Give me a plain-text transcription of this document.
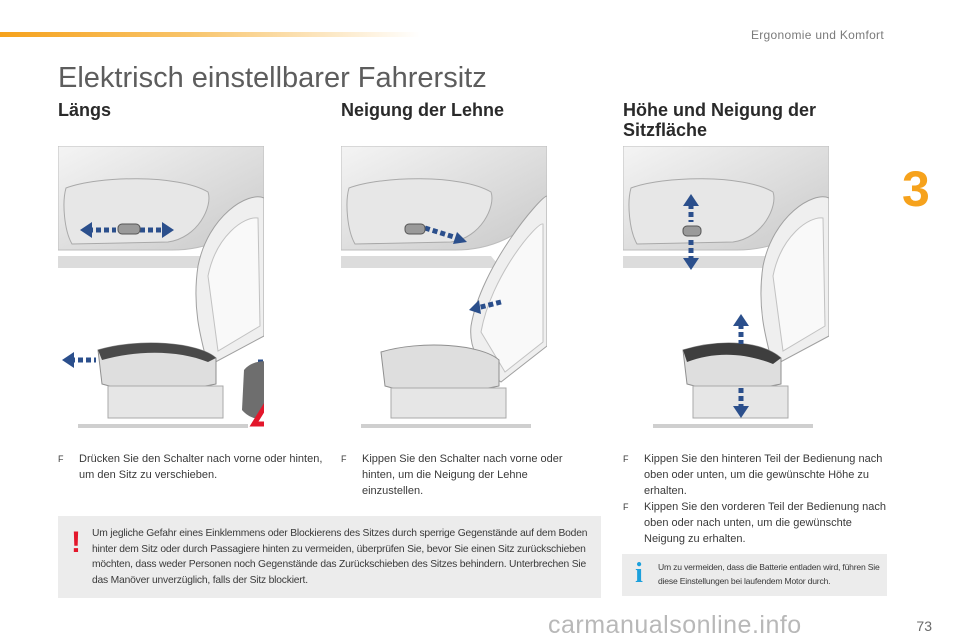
Ergonomie und Komfort
3
Elektrisch einstellbarer Fahrersitz
Längs	Neigung der Lehne	Höhe und Neigung der Sitzfläche
F	Drücken Sie den Schalter nach vorne oder hinten, um den Sitz zu verschieben.
F	Kippen Sie den Schalter nach vorne oder hinten, um die Neigung der Lehne einzustellen.
F	Kippen Sie den hinteren Teil der Bedienung nach oben oder unten, um die gewünschte Höhe zu erhalten.
F	Kippen Sie den vorderen Teil der Bedienung nach oben oder nach unten, um die gewünschte Neigung zu erhalten.
! Um jegliche Gefahr eines Einklemmens oder Blockierens des Sitzes durch sperrige Gegenstände auf dem Boden hinter dem Sitz oder durch Passagiere hinten zu vermeiden, überprüfen Sie, bevor Sie einen Sitz zurückschieben möchten, dass weder Personen noch Gegenstände das Zurückschieben des Sitzes behindern. Unterbrechen Sie das Manöver unverzüglich, falls der Sitz blockiert.	i	Um zu vermeiden, dass die Batterie entladen wird, führen Sie diese Einstellungen bei laufendem Motor durch.
carmanualsonline.info	73
